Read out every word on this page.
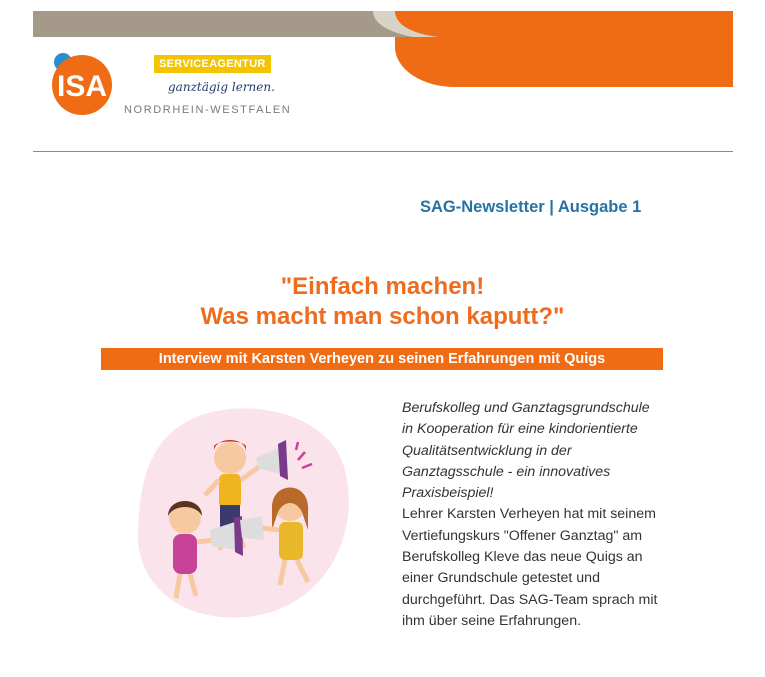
ISA
SERVICEAGENTUR
ganztägig lernen.
NORDRHEIN-WESTFALEN
SAG-Newsletter | Ausgabe 1
"Einfach machen!
Was macht man schon kaputt?"
Interview mit Karsten Verheyen zu seinen Erfahrungen mit Quigs
Berufskolleg und Ganztagsgrundschule in Kooperation für eine kindorientierte Qualitätsentwicklung in der Ganztagsschule - ein innovatives Praxisbeispiel!
Lehrer Karsten Verheyen hat mit seinem Vertiefungskurs "Offener Ganztag" am Berufskolleg Kleve das neue Quigs an einer Grundschule getestet und durchgeführt. Das SAG-Team sprach mit ihm über seine Erfahrungen.
